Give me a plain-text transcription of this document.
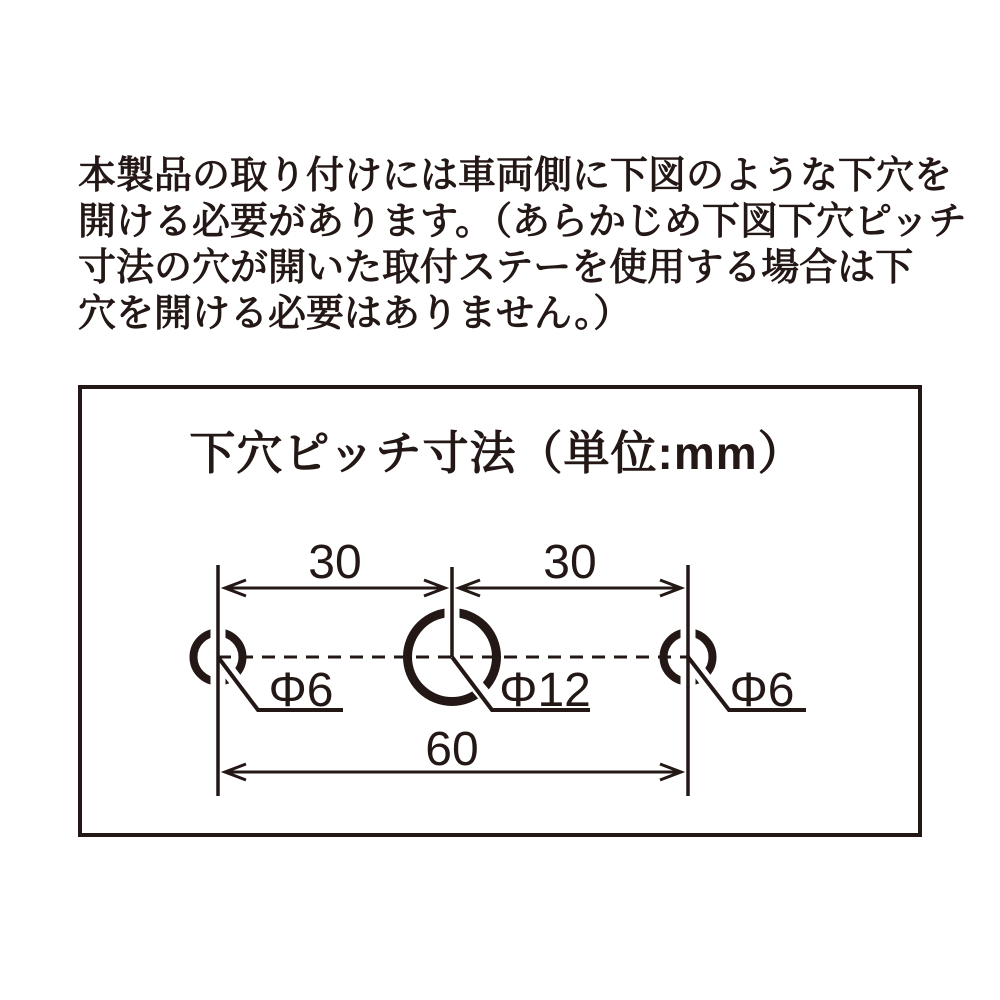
本製品の取り付けには車両側に下図のような下穴を
開ける必要があります。（あらかじめ下図下穴ピッチ
寸法の穴が開いた取付ステーを使用する場合は下
穴を開ける必要はありません。）
下穴ピッチ寸法（単位:mm）
30	30
60
Φ6	Φ12	Φ6
